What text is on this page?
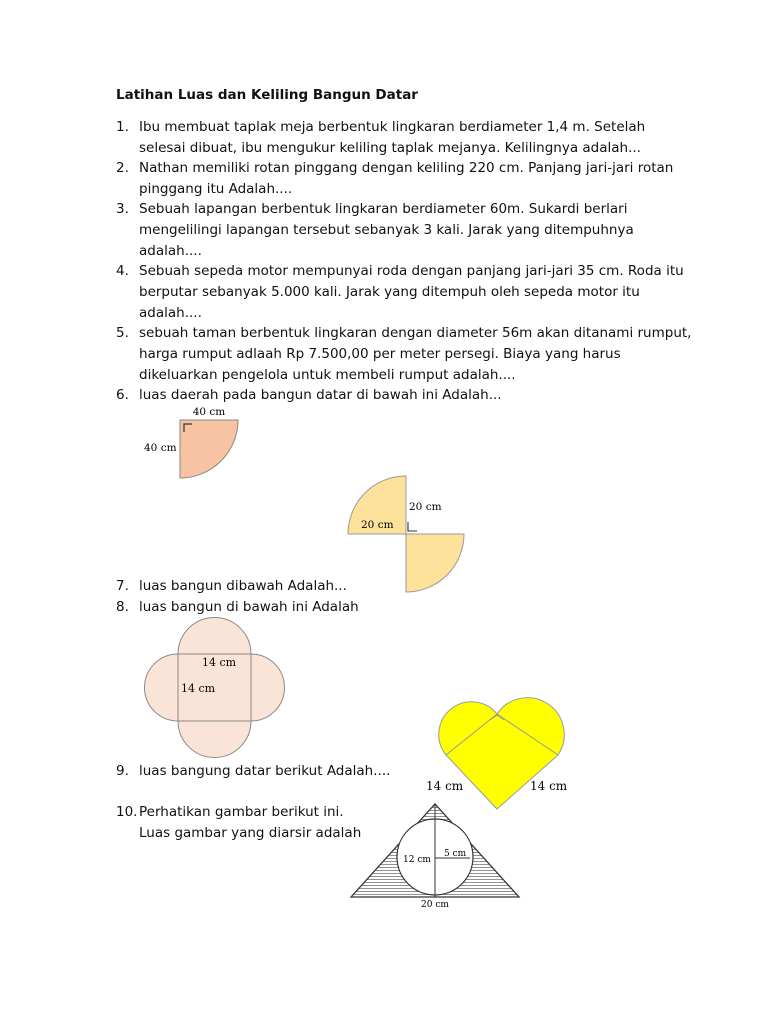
Latihan Luas dan Keliling Bangun Datar
1. Ibu membuat taplak meja berbentuk lingkaran berdiameter 1,4 m. Setelah
selesai dibuat, ibu mengukur keliling taplak mejanya. Kelilingnya adalah...
2. Nathan memiliki rotan pinggang dengan keliling 220 cm. Panjang jari-jari rotan
pinggang itu Adalah....
3. Sebuah lapangan berbentuk lingkaran berdiameter 60m. Sukardi berlari
mengelilingi lapangan tersebut sebanyak 3 kali. Jarak yang ditempuhnya
adalah....
4. Sebuah sepeda motor mempunyai roda dengan panjang jari-jari 35 cm. Roda itu
berputar sebanyak 5.000 kali. Jarak yang ditempuh oleh sepeda motor itu
adalah....
5. sebuah taman berbentuk lingkaran dengan diameter 56m akan ditanami rumput,
harga rumput adlaah Rp 7.500,00 per meter persegi. Biaya yang harus
dikeluarkan pengelola untuk membeli rumput adalah....
6. luas daerah pada bangun datar di bawah ini Adalah...
7. luas bangun dibawah Adalah...
8. luas bangun di bawah ini Adalah
9. luas bangung datar berikut Adalah....
10. Perhatikan gambar berikut ini.
Luas gambar yang diarsir adalah
40 cm
40 cm
20 cm
20 cm
14 cm
14 cm
14 cm	14 cm
12 cm
5 cm
20 cm
